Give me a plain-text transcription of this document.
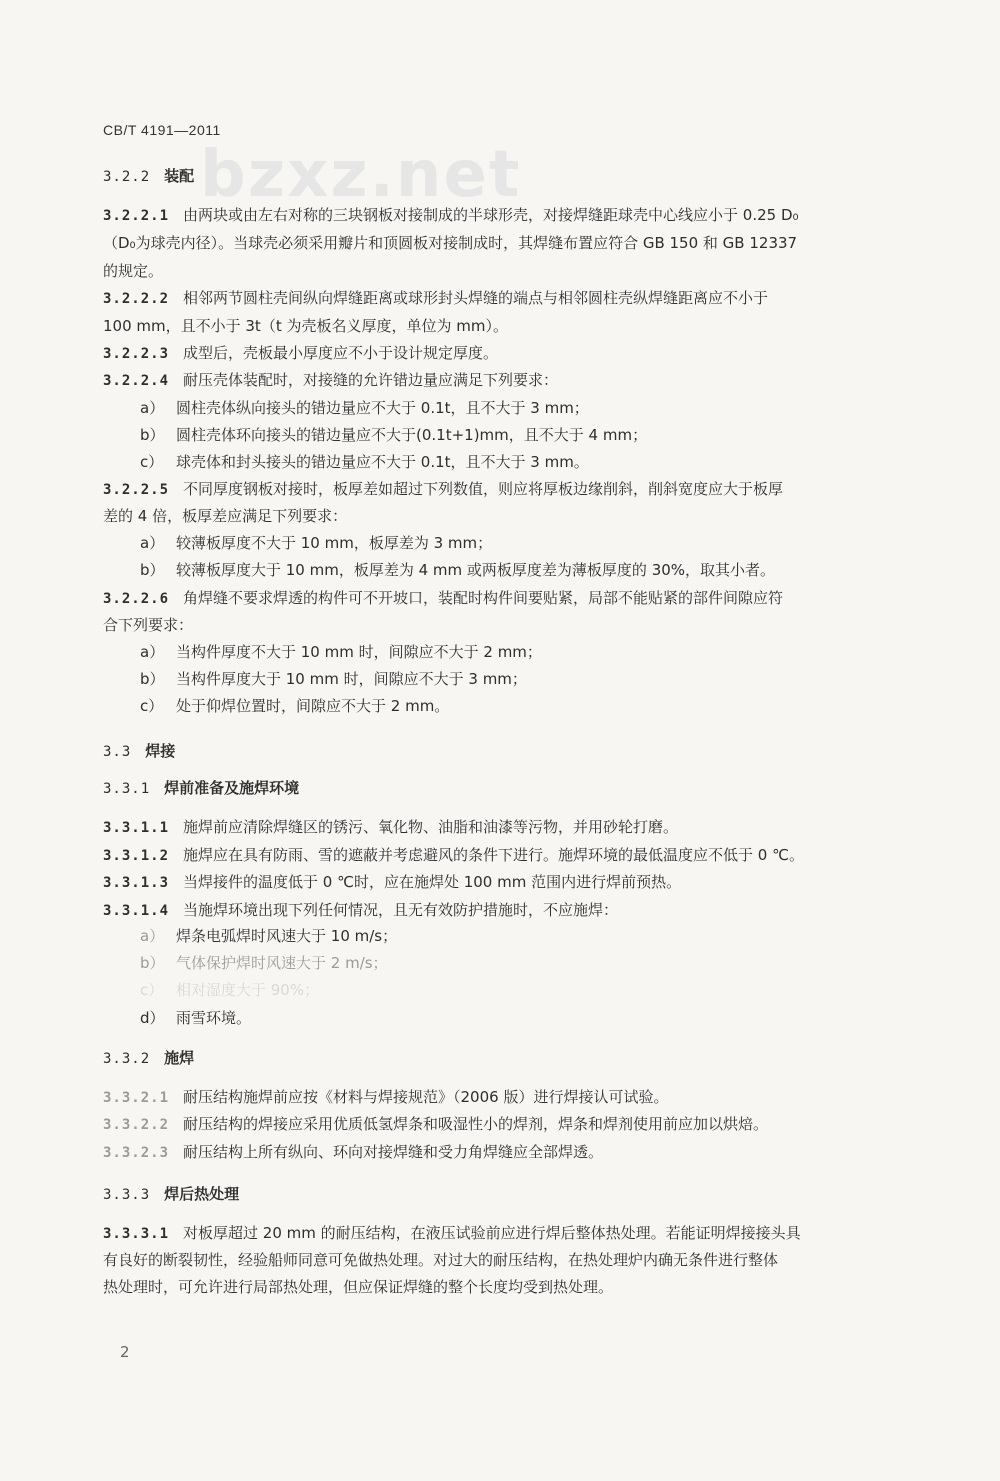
bzxz.net
CB/T 4191—2011
3.2.2 装配
3.2.2.1 由两块或由左右对称的三块钢板对接制成的半球形壳，对接焊缝距球壳中心线应小于 0.25 D₀
（D₀为球壳内径）。当球壳必须采用瓣片和顶圆板对接制成时，其焊缝布置应符合 GB 150 和 GB 12337
的规定。
3.2.2.2 相邻两节圆柱壳间纵向焊缝距离或球形封头焊缝的端点与相邻圆柱壳纵焊缝距离应不小于
100 mm，且不小于 3t（t 为壳板名义厚度，单位为 mm）。
3.2.2.3 成型后，壳板最小厚度应不小于设计规定厚度。
3.2.2.4 耐压壳体装配时，对接缝的允许错边量应满足下列要求：
a） 圆柱壳体纵向接头的错边量应不大于 0.1t，且不大于 3 mm；
b） 圆柱壳体环向接头的错边量应不大于(0.1t+1)mm，且不大于 4 mm；
c） 球壳体和封头接头的错边量应不大于 0.1t，且不大于 3 mm。
3.2.2.5 不同厚度钢板对接时，板厚差如超过下列数值，则应将厚板边缘削斜，削斜宽度应大于板厚
差的 4 倍，板厚差应满足下列要求：
a） 较薄板厚度不大于 10 mm，板厚差为 3 mm；
b） 较薄板厚度大于 10 mm，板厚差为 4 mm 或两板厚度差为薄板厚度的 30%，取其小者。
3.2.2.6 角焊缝不要求焊透的构件可不开坡口，装配时构件间要贴紧，局部不能贴紧的部件间隙应符
合下列要求：
a） 当构件厚度不大于 10 mm 时，间隙应不大于 2 mm；
b） 当构件厚度大于 10 mm 时，间隙应不大于 3 mm；
c） 处于仰焊位置时，间隙应不大于 2 mm。
3.3 焊接
3.3.1 焊前准备及施焊环境
3.3.1.1 施焊前应清除焊缝区的锈污、氧化物、油脂和油漆等污物，并用砂轮打磨。
3.3.1.2 施焊应在具有防雨、雪的遮蔽并考虑避风的条件下进行。施焊环境的最低温度应不低于 0 ℃。
3.3.1.3 当焊接件的温度低于 0 ℃时，应在施焊处 100 mm 范围内进行焊前预热。
3.3.1.4 当施焊环境出现下列任何情况，且无有效防护措施时，不应施焊：
a） 焊条电弧焊时风速大于 10 m/s；
b） 气体保护焊时风速大于 2 m/s；
c） 相对湿度大于 90%；
d） 雨雪环境。
3.3.2 施焊
3.3.2.1 耐压结构施焊前应按《材料与焊接规范》（2006 版）进行焊接认可试验。
3.3.2.2 耐压结构的焊接应采用优质低氢焊条和吸湿性小的焊剂，焊条和焊剂使用前应加以烘焙。
3.3.2.3 耐压结构上所有纵向、环向对接焊缝和受力角焊缝应全部焊透。
3.3.3 焊后热处理
3.3.3.1 对板厚超过 20 mm 的耐压结构，在液压试验前应进行焊后整体热处理。若能证明焊接接头具
有良好的断裂韧性，经验船师同意可免做热处理。对过大的耐压结构，在热处理炉内确无条件进行整体
热处理时，可允许进行局部热处理，但应保证焊缝的整个长度均受到热处理。
2
